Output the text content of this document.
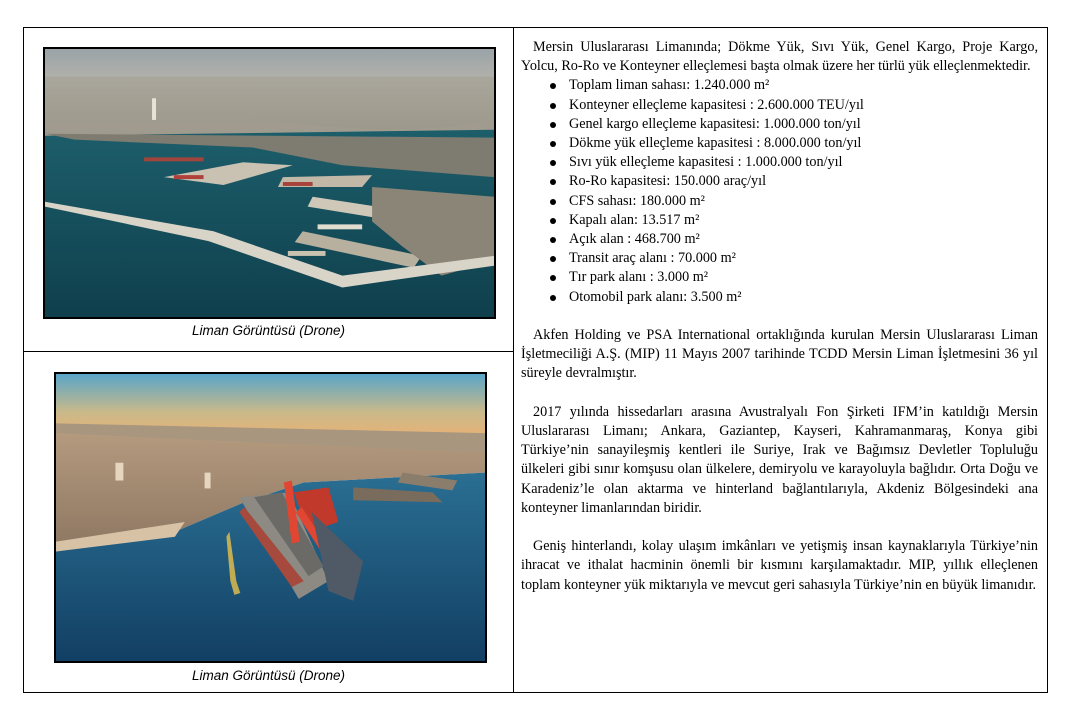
Liman Görüntüsü (Drone)
Liman Görüntüsü (Drone)

Mersin Uluslararası Limanında; Dökme Yük, Sıvı Yük, Genel Kargo, Proje Kargo, Yolcu, Ro-Ro ve Konteyner elleçlemesi başta olmak üzere her türlü yük elleçlenmektedir.

Toplam liman sahası: 1.240.000 m²
Konteyner elleçleme kapasitesi : 2.600.000 TEU/yıl
Genel kargo elleçleme kapasitesi: 1.000.000 ton/yıl
Dökme yük elleçleme kapasitesi : 8.000.000 ton/yıl
Sıvı yük elleçleme kapasitesi : 1.000.000 ton/yıl
Ro-Ro kapasitesi: 150.000 araç/yıl
CFS sahası: 180.000 m²
Kapalı alan: 13.517 m²
Açık alan : 468.700 m²
Transit araç alanı : 70.000 m²
Tır park alanı : 3.000 m²
Otomobil park alanı: 3.500 m²

Akfen Holding ve PSA International ortaklığında kurulan Mersin Uluslararası Liman İşletmeciliği A.Ş. (MIP) 11 Mayıs 2007 tarihinde TCDD Mersin Liman İşletmesini 36 yıl süreyle devralmıştır.

2017 yılında hissedarları arasına Avustralyalı Fon Şirketi IFM’in katıldığı Mersin Uluslararası Limanı; Ankara, Gaziantep, Kayseri, Kahramanmaraş, Konya gibi Türkiye’nin sanayileşmiş kentleri ile Suriye, Irak ve Bağımsız Devletler Topluluğu ülkeleri gibi sınır komşusu olan ülkelere, demiryolu ve karayoluyla bağlıdır. Orta Doğu ve Karadeniz’le olan aktarma ve hinterland bağlantılarıyla, Akdeniz Bölgesindeki ana konteyner limanlarından biridir.

Geniş hinterlandı, kolay ulaşım imkânları ve yetişmiş insan kaynaklarıyla Türkiye’nin ihracat ve ithalat hacminin önemli bir kısmını karşılamaktadır. MIP, yıllık elleçlenen toplam konteyner yük miktarıyla ve mevcut geri sahasıyla Türkiye’nin en büyük limanıdır.
